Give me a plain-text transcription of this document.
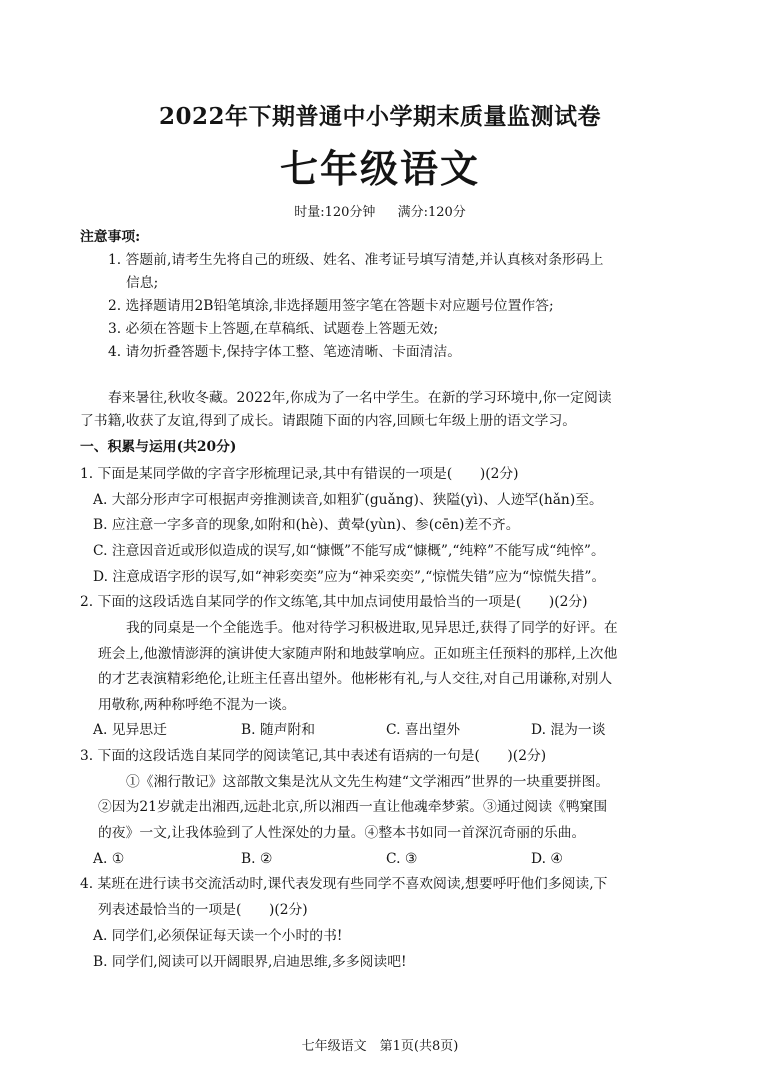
2022年下期普通中小学期末质量监测试卷
七年级语文
时量:120分钟 满分:120分
注意事项:
1. 答题前,请考生先将自己的班级、姓名、准考证号填写清楚,并认真核对条形码上
信息;
2. 选择题请用2B铅笔填涂,非选择题用签字笔在答题卡对应题号位置作答;
3. 必须在答题卡上答题,在草稿纸、试题卷上答题无效;
4. 请勿折叠答题卡,保持字体工整、笔迹清晰、卡面清洁。
春来暑往,秋收冬藏。2022年,你成为了一名中学生。在新的学习环境中,你一定阅读
了书籍,收获了友谊,得到了成长。请跟随下面的内容,回顾七年级上册的语文学习。
一、积累与运用(共20分)
1. 下面是某同学做的字音字形梳理记录,其中有错误的一项是(　　)(2分)
A. 大部分形声字可根据声旁推测读音,如粗犷(guǎng)、狭隘(yì)、人迹罕(hǎn)至。
B. 应注意一字多音的现象,如附和(hè)、黄晕(yùn)、参(cēn)差不齐。
C. 注意因音近或形似造成的误写,如“慷慨”不能写成“慷概”,“纯粹”不能写成“纯悴”。
D. 注意成语字形的误写,如“神彩奕奕”应为“神采奕奕”,“惊慌失错”应为“惊慌失措”。
2. 下面的这段话选自某同学的作文练笔,其中加点词使用最恰当的一项是(　　)(2分)
我的同桌是一个全能选手。他对待学习积极进取,见异思迁,获得了同学的好评。在
班会上,他激情澎湃的演讲使大家随声附和地鼓掌响应。正如班主任预料的那样,上次他
的才艺表演精彩绝伦,让班主任喜出望外。他彬彬有礼,与人交往,对自己用谦称,对别人
用敬称,两种称呼绝不混为一谈。
A. 见异思迁	B. 随声附和	C. 喜出望外	D. 混为一谈
3. 下面的这段话选自某同学的阅读笔记,其中表述有语病的一句是(　　)(2分)
①《湘行散记》这部散文集是沈从文先生构建“文学湘西”世界的一块重要拼图。
②因为21岁就走出湘西,远赴北京,所以湘西一直让他魂牵梦萦。③通过阅读《鸭窠围
的夜》一文,让我体验到了人性深处的力量。④整本书如同一首深沉奇丽的乐曲。
A. ①	B. ②	C. ③	D. ④
4. 某班在进行读书交流活动时,课代表发现有些同学不喜欢阅读,想要呼吁他们多阅读,下
列表述最恰当的一项是(　　)(2分)
A. 同学们,必须保证每天读一个小时的书!
B. 同学们,阅读可以开阔眼界,启迪思维,多多阅读吧!
七年级语文　第1页(共8页)
